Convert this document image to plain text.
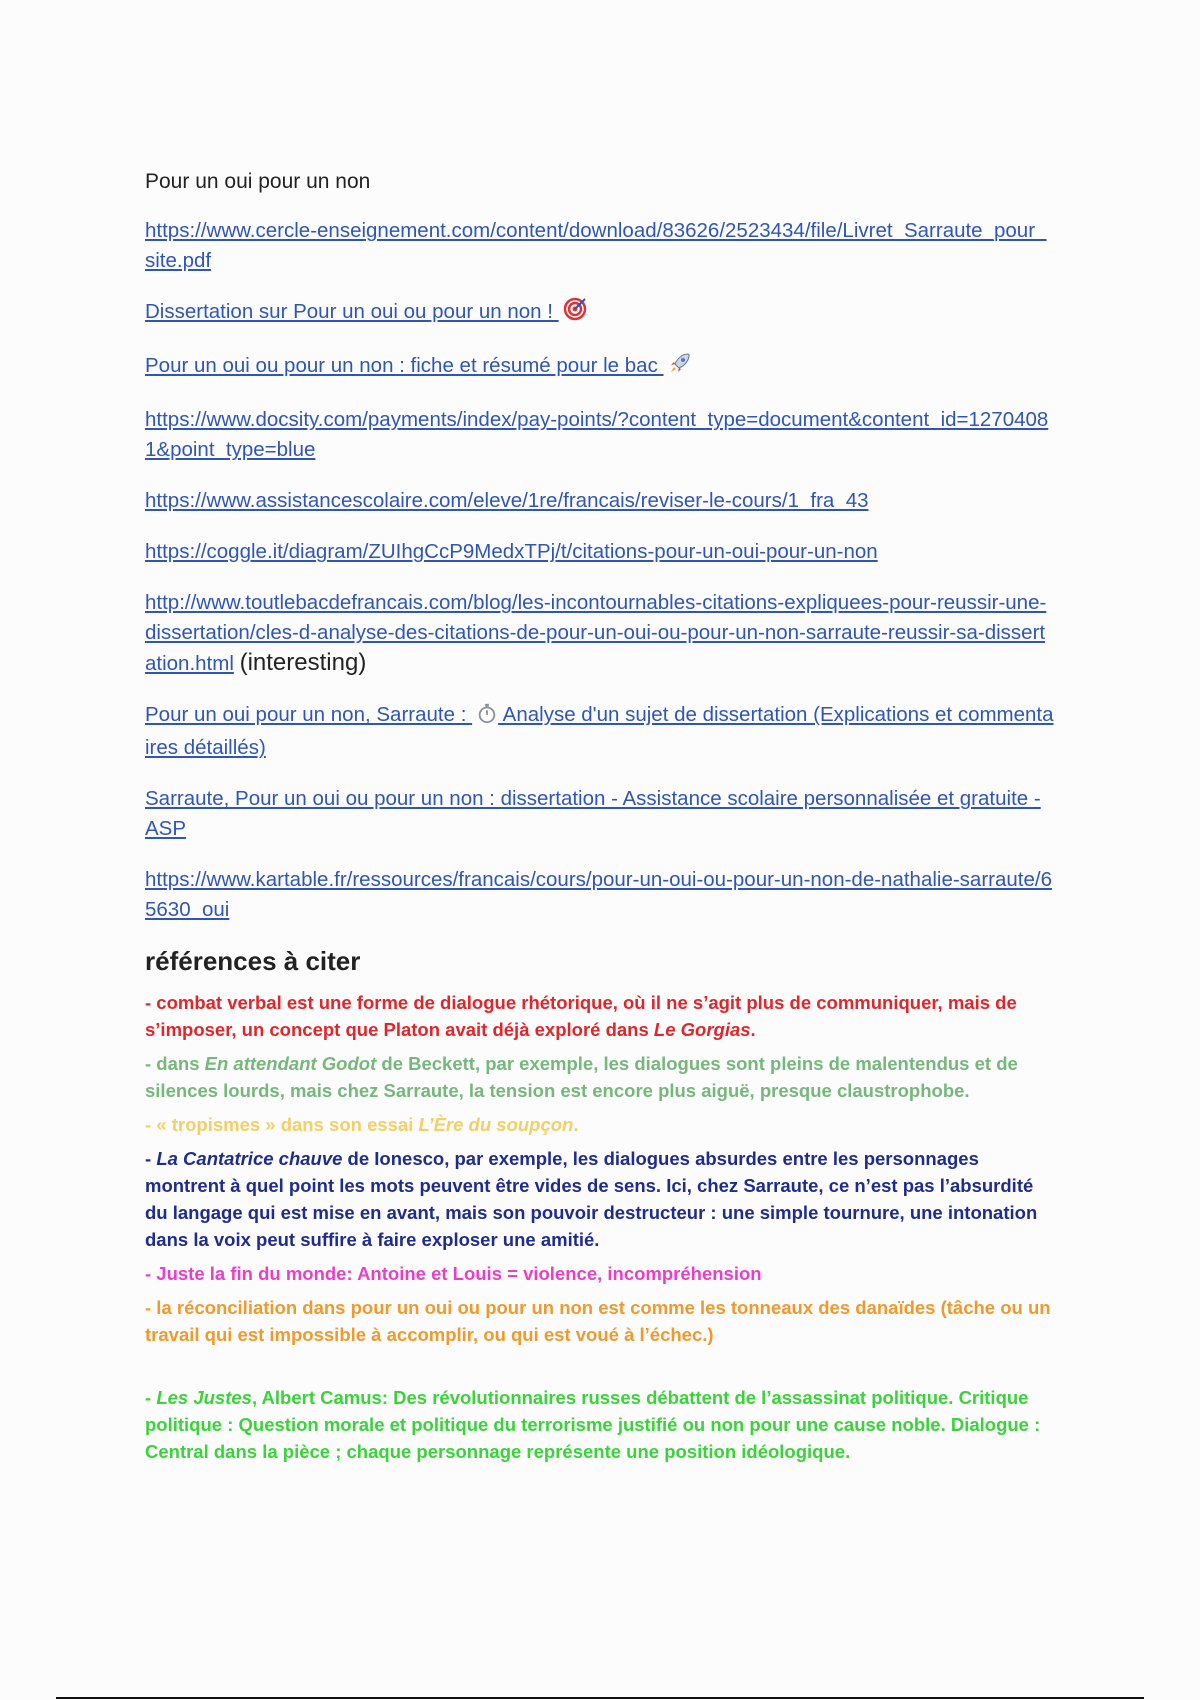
Pour un oui pour un non

https://www.cercle-enseignement.com/content/download/83626/2523434/file/Livret_Sarraute_pour_site.pdf

Dissertation sur Pour un oui ou pour un non !

Pour un oui ou pour un non : fiche et résumé pour le bac

https://www.docsity.com/payments/index/pay-points/?content_type=document&content_id=12704081&point_type=blue

https://www.assistancescolaire.com/eleve/1re/francais/reviser-le-cours/1_fra_43

https://coggle.it/diagram/ZUIhgCcP9MedxTPj/t/citations-pour-un-oui-pour-un-non

http://www.toutlebacdefrancais.com/blog/les-incontournables-citations-expliquees-pour-reussir-une-dissertation/cles-d-analyse-des-citations-de-pour-un-oui-ou-pour-un-non-sarraute-reussir-sa-dissertation.html (interesting)

Pour un oui pour un non, Sarraute :  Analyse d'un sujet de dissertation (Explications et commentaires détaillés)

Sarraute, Pour un oui ou pour un non : dissertation - Assistance scolaire personnalisée et gratuite - ASP

https://www.kartable.fr/ressources/francais/cours/pour-un-oui-ou-pour-un-non-de-nathalie-sarraute/65630_oui

références à citer

- combat verbal est une forme de dialogue rhétorique, où il ne s’agit plus de communiquer, mais de s’imposer, un concept que Platon avait déjà exploré dans Le Gorgias.

- dans En attendant Godot de Beckett, par exemple, les dialogues sont pleins de malentendus et de silences lourds, mais chez Sarraute, la tension est encore plus aiguë, presque claustrophobe.

- « tropismes » dans son essai L’Ère du soupçon.

- La Cantatrice chauve de Ionesco, par exemple, les dialogues absurdes entre les personnages montrent à quel point les mots peuvent être vides de sens. Ici, chez Sarraute, ce n’est pas l’absurdité du langage qui est mise en avant, mais son pouvoir destructeur : une simple tournure, une intonation dans la voix peut suffire à faire exploser une amitié.

- Juste la fin du monde: Antoine et Louis = violence, incompréhension

- la réconciliation dans pour un oui ou pour un non est comme les tonneaux des danaïdes (tâche ou un travail qui est impossible à accomplir, ou qui est voué à l’échec.)

- Les Justes, Albert Camus: Des révolutionnaires russes débattent de l’assassinat politique. Critique politique : Question morale et politique du terrorisme justifié ou non pour une cause noble. Dialogue : Central dans la pièce ; chaque personnage représente une position idéologique.
